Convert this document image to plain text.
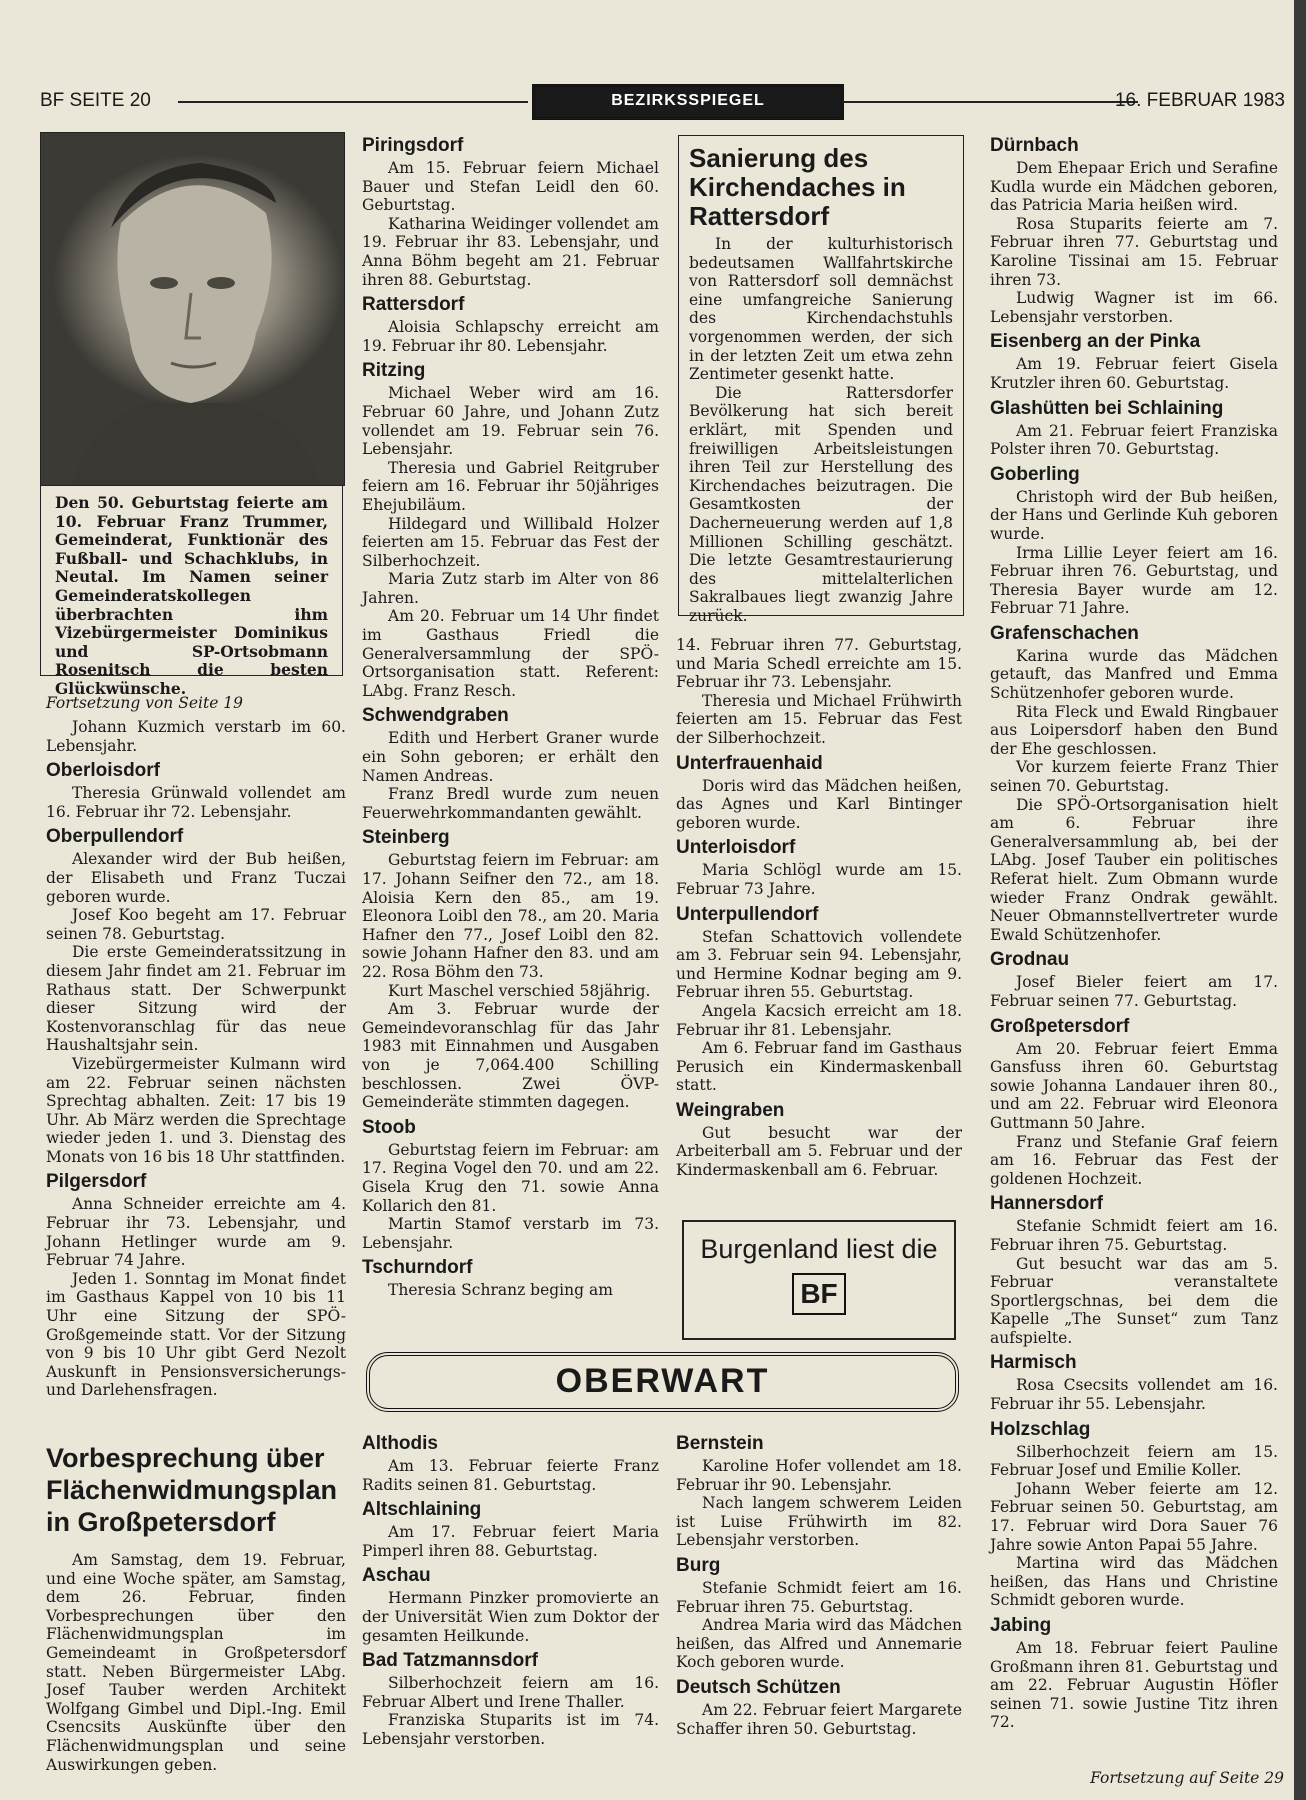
BF SEITE 20	BEZIRKSSPIEGEL	16. FEBRUAR 1983
Den 50. Geburtstag feierte am 10. Februar Franz Trummer, Gemeinderat, Funktionär des Fußball- und Schachklubs, in Neutal. Im Namen seiner Gemeinderatskollegen überbrachten ihm Vizebürgermeister Dominikus und SP-Ortsobmann Rosenitsch die besten Glückwünsche.
Fortsetzung von Seite 19

Johann Kuzmich verstarb im 60. Lebensjahr.

Oberloisdorf

Theresia Grünwald vollendet am 16. Februar ihr 72. Lebensjahr.

Oberpullendorf

Alexander wird der Bub heißen, der Elisabeth und Franz Tuczai geboren wurde.

Josef Koo begeht am 17. Februar seinen 78. Geburtstag.

Die erste Gemeinderatssitzung in diesem Jahr findet am 21. Februar im Rathaus statt. Der Schwerpunkt dieser Sitzung wird der Kostenvoranschlag für das neue Haushaltsjahr sein.

Vizebürgermeister Kulmann wird am 22. Februar seinen nächsten Sprechtag abhalten. Zeit: 17 bis 19 Uhr. Ab März werden die Sprechtage wieder jeden 1. und 3. Dienstag des Monats von 16 bis 18 Uhr stattfinden.

Pilgersdorf

Anna Schneider erreichte am 4. Februar ihr 73. Lebensjahr, und Johann Hetlinger wurde am 9. Februar 74 Jahre.

Jeden 1. Sonntag im Monat findet im Gasthaus Kappel von 10 bis 11 Uhr eine Sitzung der SPÖ-Großgemeinde statt. Vor der Sitzung von 9 bis 10 Uhr gibt Gerd Nezolt Auskunft in Pensionsversicherungs- und Darlehensfragen.

Vorbesprechung über Flächenwidmungsplan in Großpetersdorf

Am Samstag, dem 19. Februar, und eine Woche später, am Samstag, dem 26. Februar, finden Vorbesprechungen über den Flächenwidmungsplan im Gemeindeamt in Großpetersdorf statt. Neben Bürgermeister LAbg. Josef Tauber werden Architekt Wolfgang Gimbel und Dipl.-Ing. Emil Csencsits Auskünfte über den Flächenwidmungsplan und seine Auswirkungen geben.

Piringsdorf

Am 15. Februar feiern Michael Bauer und Stefan Leidl den 60. Geburtstag.

Katharina Weidinger vollendet am 19. Februar ihr 83. Lebensjahr, und Anna Böhm begeht am 21. Februar ihren 88. Geburtstag.

Rattersdorf

Aloisia Schlapschy erreicht am 19. Februar ihr 80. Lebensjahr.

Ritzing

Michael Weber wird am 16. Februar 60 Jahre, und Johann Zutz vollendet am 19. Februar sein 76. Lebensjahr.

Theresia und Gabriel Reitgruber feiern am 16. Februar ihr 50jähriges Ehejubiläum.

Hildegard und Willibald Holzer feierten am 15. Februar das Fest der Silberhochzeit.

Maria Zutz starb im Alter von 86 Jahren.

Am 20. Februar um 14 Uhr findet im Gasthaus Friedl die Generalversammlung der SPÖ-Ortsorganisation statt. Referent: LAbg. Franz Resch.

Schwendgraben

Edith und Herbert Graner wurde ein Sohn geboren; er erhält den Namen Andreas.

Franz Bredl wurde zum neuen Feuerwehrkommandanten gewählt.

Steinberg

Geburtstag feiern im Februar: am 17. Johann Seifner den 72., am 18. Aloisia Kern den 85., am 19. Eleonora Loibl den 78., am 20. Maria Hafner den 77., Josef Loibl den 82. sowie Johann Hafner den 83. und am 22. Rosa Böhm den 73.

Kurt Maschel verschied 58jährig.

Am 3. Februar wurde der Gemeindevoranschlag für das Jahr 1983 mit Einnahmen und Ausgaben von je 7,064.400 Schilling beschlossen. Zwei ÖVP-Gemeinderäte stimmten dagegen.

Stoob

Geburtstag feiern im Februar: am 17. Regina Vogel den 70. und am 22. Gisela Krug den 71. sowie Anna Kollarich den 81.

Martin Stamof verstarb im 73. Lebensjahr.

Tschurndorf

Theresia Schranz beging am

Sanierung des Kirchendaches in Rattersdorf

In der kulturhistorisch bedeutsamen Wallfahrtskirche von Rattersdorf soll demnächst eine umfangreiche Sanierung des Kirchendachstuhls vorgenommen werden, der sich in der letzten Zeit um etwa zehn Zentimeter gesenkt hatte.

Die Rattersdorfer Bevölkerung hat sich bereit erklärt, mit Spenden und freiwilligen Arbeitsleistungen ihren Teil zur Herstellung des Kirchendaches beizutragen. Die Gesamtkosten der Dacherneuerung werden auf 1,8 Millionen Schilling geschätzt. Die letzte Gesamtrestaurierung des mittelalterlichen Sakralbaues liegt zwanzig Jahre zurück.

14. Februar ihren 77. Geburtstag, und Maria Schedl erreichte am 15. Februar ihr 73. Lebensjahr.

Theresia und Michael Frühwirth feierten am 15. Februar das Fest der Silberhochzeit.

Unterfrauenhaid

Doris wird das Mädchen heißen, das Agnes und Karl Bintinger geboren wurde.

Unterloisdorf

Maria Schlögl wurde am 15. Februar 73 Jahre.

Unterpullendorf

Stefan Schattovich vollendete am 3. Februar sein 94. Lebensjahr, und Hermine Kodnar beging am 9. Februar ihren 55. Geburtstag.

Angela Kacsich erreicht am 18. Februar ihr 81. Lebensjahr.

Am 6. Februar fand im Gasthaus Perusich ein Kindermaskenball statt.

Weingraben

Gut besucht war der Arbeiterball am 5. Februar und der Kindermaskenball am 6. Februar.

Burgenland liest die
BF
OBERWART
Althodis

Am 13. Februar feierte Franz Radits seinen 81. Geburtstag.

Altschlaining

Am 17. Februar feiert Maria Pimperl ihren 88. Geburtstag.

Aschau

Hermann Pinzker promovierte an der Universität Wien zum Doktor der gesamten Heilkunde.

Bad Tatzmannsdorf

Silberhochzeit feiern am 16. Februar Albert und Irene Thaller.

Franziska Stuparits ist im 74. Lebensjahr verstorben.

Bernstein

Karoline Hofer vollendet am 18. Februar ihr 90. Lebensjahr.

Nach langem schwerem Leiden ist Luise Frühwirth im 82. Lebensjahr verstorben.

Burg

Stefanie Schmidt feiert am 16. Februar ihren 75. Geburtstag.

Andrea Maria wird das Mädchen heißen, das Alfred und Annemarie Koch geboren wurde.

Deutsch Schützen

Am 22. Februar feiert Margarete Schaffer ihren 50. Geburtstag.

Dürnbach

Dem Ehepaar Erich und Serafine Kudla wurde ein Mädchen geboren, das Patricia Maria heißen wird.

Rosa Stuparits feierte am 7. Februar ihren 77. Geburtstag und Karoline Tissinai am 15. Februar ihren 73.

Ludwig Wagner ist im 66. Lebensjahr verstorben.

Eisenberg an der Pinka

Am 19. Februar feiert Gisela Krutzler ihren 60. Geburtstag.

Glashütten bei Schlaining

Am 21. Februar feiert Franziska Polster ihren 70. Geburtstag.

Goberling

Christoph wird der Bub heißen, der Hans und Gerlinde Kuh geboren wurde.

Irma Lillie Leyer feiert am 16. Februar ihren 76. Geburtstag, und Theresia Bayer wurde am 12. Februar 71 Jahre.

Grafenschachen

Karina wurde das Mädchen getauft, das Manfred und Emma Schützenhofer geboren wurde.

Rita Fleck und Ewald Ringbauer aus Loipersdorf haben den Bund der Ehe geschlossen.

Vor kurzem feierte Franz Thier seinen 70. Geburtstag.

Die SPÖ-Ortsorganisation hielt am 6. Februar ihre Generalversammlung ab, bei der LAbg. Josef Tauber ein politisches Referat hielt. Zum Obmann wurde wieder Franz Ondrak gewählt. Neuer Obmannstellvertreter wurde Ewald Schützenhofer.

Grodnau

Josef Bieler feiert am 17. Februar seinen 77. Geburtstag.

Großpetersdorf

Am 20. Februar feiert Emma Gansfuss ihren 60. Geburtstag sowie Johanna Landauer ihren 80., und am 22. Februar wird Eleonora Guttmann 50 Jahre.

Franz und Stefanie Graf feiern am 16. Februar das Fest der goldenen Hochzeit.

Hannersdorf

Stefanie Schmidt feiert am 16. Februar ihren 75. Geburtstag.

Gut besucht war das am 5. Februar veranstaltete Sportlergschnas, bei dem die Kapelle „The Sunset“ zum Tanz aufspielte.

Harmisch

Rosa Csecsits vollendet am 16. Februar ihr 55. Lebensjahr.

Holzschlag

Silberhochzeit feiern am 15. Februar Josef und Emilie Koller.

Johann Weber feierte am 12. Februar seinen 50. Geburtstag, am 17. Februar wird Dora Sauer 76 Jahre sowie Anton Papai 55 Jahre.

Martina wird das Mädchen heißen, das Hans und Christine Schmidt geboren wurde.

Jabing

Am 18. Februar feiert Pauline Großmann ihren 81. Geburtstag und am 22. Februar Augustin Höfler seinen 71. sowie Justine Titz ihren 72.

Fortsetzung auf Seite 29
